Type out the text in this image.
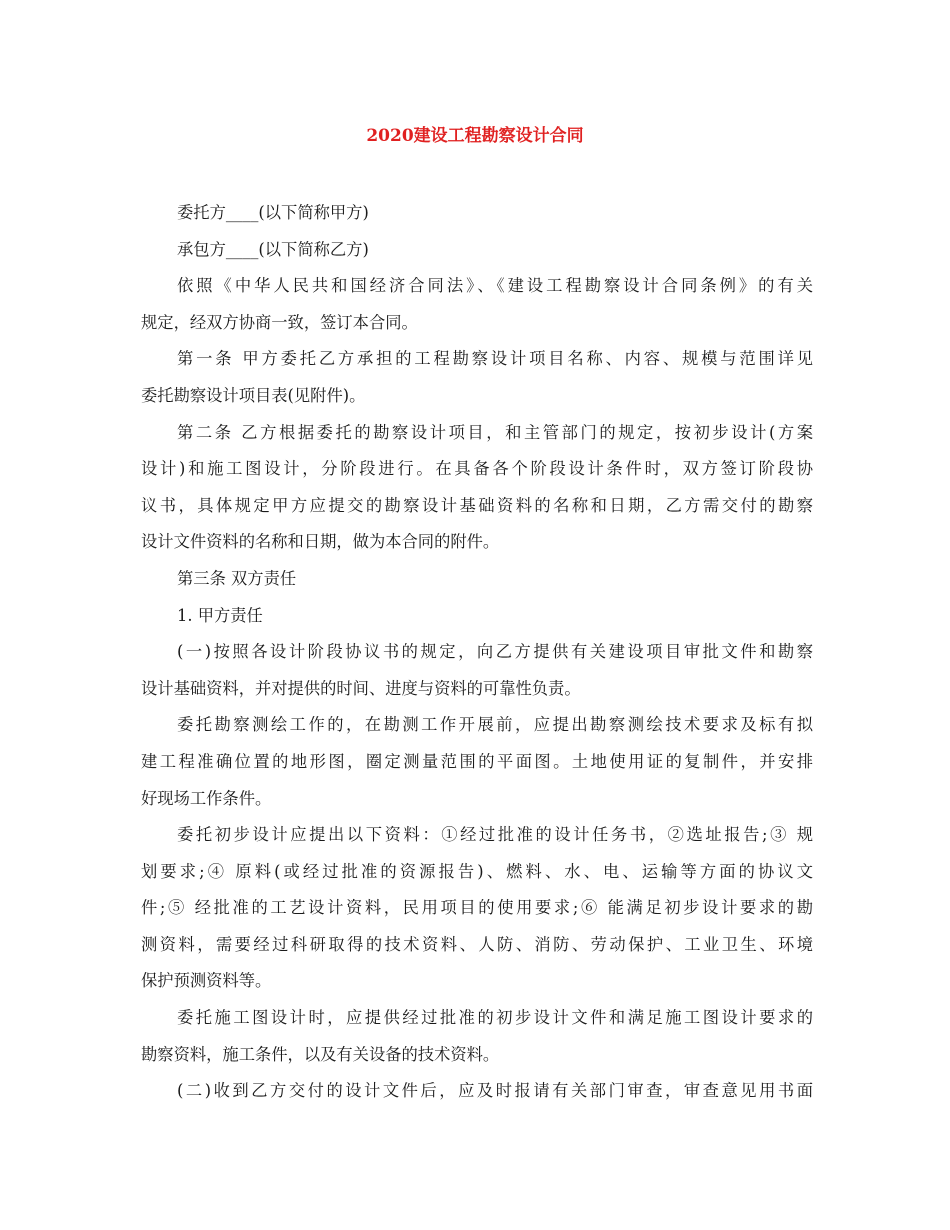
2020建设工程勘察设计合同
委托方____(以下简称甲方)
承包方____(以下简称乙方)
依照《中华人民共和国经济合同法》、《建设工程勘察设计合同条例》的有关
规定，经双方协商一致，签订本合同。
第一条 甲方委托乙方承担的工程勘察设计项目名称、内容、规模与范围详见
委托勘察设计项目表(见附件)。
第二条 乙方根据委托的勘察设计项目，和主管部门的规定，按初步设计(方案
设计)和施工图设计，分阶段进行。在具备各个阶段设计条件时，双方签订阶段协
议书，具体规定甲方应提交的勘察设计基础资料的名称和日期，乙方需交付的勘察
设计文件资料的名称和日期，做为本合同的附件。
第三条 双方责任
1. 甲方责任
(一)按照各设计阶段协议书的规定，向乙方提供有关建设项目审批文件和勘察
设计基础资料，并对提供的时间、进度与资料的可靠性负责。
委托勘察测绘工作的，在勘测工作开展前，应提出勘察测绘技术要求及标有拟
建工程准确位置的地形图，圈定测量范围的平面图。土地使用证的复制件，并安排
好现场工作条件。
委托初步设计应提出以下资料：①经过批准的设计任务书，②选址报告;③ 规
划要求;④ 原料(或经过批准的资源报告)、燃料、水、电、运输等方面的协议文
件;⑤ 经批准的工艺设计资料，民用项目的使用要求;⑥ 能满足初步设计要求的勘
测资料，需要经过科研取得的技术资料、人防、消防、劳动保护、工业卫生、环境
保护预测资料等。
委托施工图设计时，应提供经过批准的初步设计文件和满足施工图设计要求的
勘察资料，施工条件，以及有关设备的技术资料。
(二)收到乙方交付的设计文件后，应及时报请有关部门审查，审查意见用书面
